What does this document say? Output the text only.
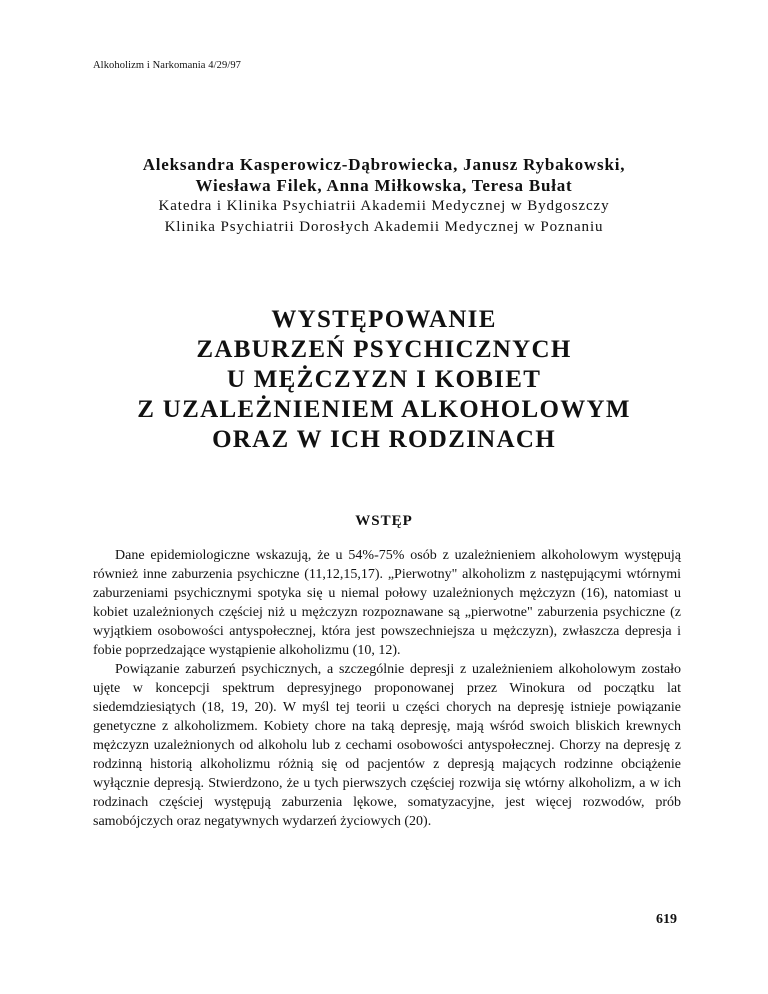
Alkoholizm i Narkomania 4/29/97
Aleksandra Kasperowicz-Dąbrowiecka, Janusz Rybakowski,
Wiesława Filek, Anna Miłkowska, Teresa Bułat
Katedra i Klinika Psychiatrii Akademii Medycznej w Bydgoszczy
Klinika Psychiatrii Dorosłych Akademii Medycznej w Poznaniu
WYSTĘPOWANIE
ZABURZEŃ PSYCHICZNYCH
U MĘŻCZYZN I KOBIET
Z UZALEŻNIENIEM ALKOHOLOWYM
ORAZ W ICH RODZINACH
WSTĘP

Dane epidemiologiczne wskazują, że u 54%-75% osób z uzależnieniem alkoholowym występują również inne zaburzenia psychiczne (11,12,15,17). „Pierwotny" alkoholizm z następującymi wtórnymi zaburzeniami psychicznymi spotyka się u niemal połowy uzależnionych mężczyzn (16), natomiast u kobiet uzależnionych częściej niż u mężczyzn rozpoznawane są „pierwotne" zaburzenia psychiczne (z wyjątkiem osobowości antyspołecznej, która jest powszechniejsza u mężczyzn), zwłaszcza depresja i fobie poprzedzające wystąpienie alkoholizmu (10, 12).

Powiązanie zaburzeń psychicznych, a szczególnie depresji z uzależnieniem alkoholowym zostało ujęte w koncepcji spektrum depresyjnego proponowanej przez Winokura od początku lat siedemdziesiątych (18, 19, 20). W myśl tej teorii u części chorych na depresję istnieje powiązanie genetyczne z alkoholizmem. Kobiety chore na taką depresję, mają wśród swoich bliskich krewnych mężczyzn uzależnionych od alkoholu lub z cechami osobowości antyspołecznej. Chorzy na depresję z rodzinną historią alkoholizmu różnią się od pacjentów z depresją mających rodzinne obciążenie wyłącznie depresją. Stwierdzono, że u tych pierwszych częściej rozwija się wtórny alkoholizm, a w ich rodzinach częściej występują zaburzenia lękowe, somatyzacyjne, jest więcej rozwodów, prób samobójczych oraz negatywnych wydarzeń życiowych (20).

619
